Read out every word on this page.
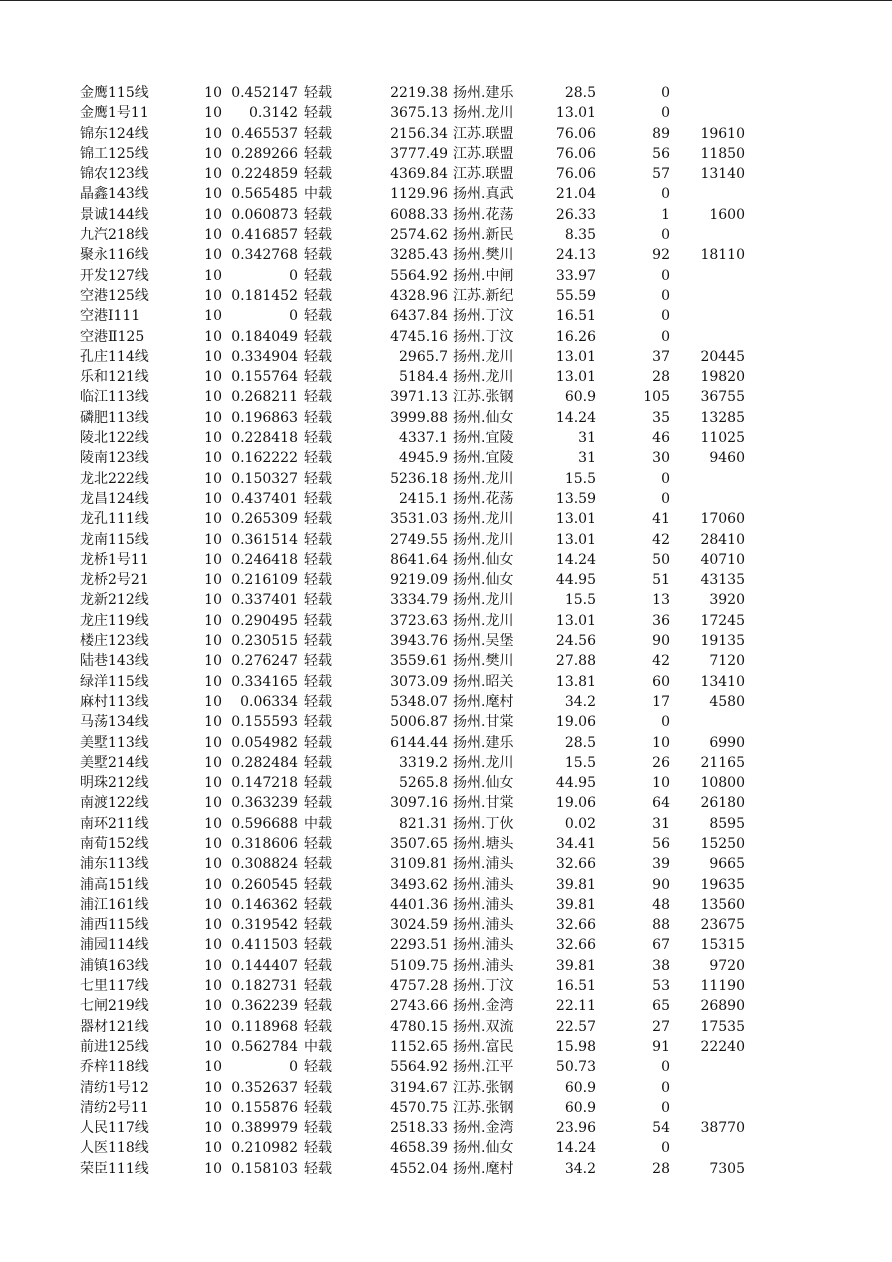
金鹰115线	10 0.452147 轻载	2219.38 扬州.建乐	28.5	0
金鹰1号11	10	0.3142 轻载	3675.13 扬州.龙川	13.01	0
锦东124线	10 0.465537 轻载	2156.34 江苏.联盟	76.06	89	19610
锦工125线	10 0.289266 轻载	3777.49 江苏.联盟	76.06	56	11850
锦农123线	10 0.224859 轻载	4369.84 江苏.联盟	76.06	57	13140
晶鑫143线	10 0.565485 中载	1129.96 扬州.真武	21.04	0
景诚144线	10 0.060873 轻载	6088.33 扬州.花荡	26.33	1	1600
九汽218线	10 0.416857 轻载	2574.62 扬州.新民	8.35	0
聚永116线	10 0.342768 轻载	3285.43 扬州.樊川	24.13	92	18110
开发127线	10	0 轻载	5564.92 扬州.中闸	33.97	0
空港125线	10 0.181452 轻载	4328.96 江苏.新纪	55.59	0
空港Ⅰ111	10	0 轻载	6437.84 扬州.丁汶	16.51	0
空港Ⅱ125	10 0.184049 轻载	4745.16 扬州.丁汶	16.26	0
孔庄114线	10 0.334904 轻载	2965.7 扬州.龙川	13.01	37	20445
乐和121线	10 0.155764 轻载	5184.4 扬州.龙川	13.01	28	19820
临江113线	10 0.268211 轻载	3971.13 江苏.张钢	60.9	105	36755
磷肥113线	10 0.196863 轻载	3999.88 扬州.仙女	14.24	35	13285
陵北122线	10 0.228418 轻载	4337.1 扬州.宜陵	31	46	11025
陵南123线	10 0.162222 轻载	4945.9 扬州.宜陵	31	30	9460
龙北222线	10 0.150327 轻载	5236.18 扬州.龙川	15.5	0
龙昌124线	10 0.437401 轻载	2415.1 扬州.花荡	13.59	0
龙孔111线	10 0.265309 轻载	3531.03 扬州.龙川	13.01	41	17060
龙南115线	10 0.361514 轻载	2749.55 扬州.龙川	13.01	42	28410
龙桥1号11	10 0.246418 轻载	8641.64 扬州.仙女	14.24	50	40710
龙桥2号21	10 0.216109 轻载	9219.09 扬州.仙女	44.95	51	43135
龙新212线	10 0.337401 轻载	3334.79 扬州.龙川	15.5	13	3920
龙庄119线	10 0.290495 轻载	3723.63 扬州.龙川	13.01	36	17245
楼庄123线	10 0.230515 轻载	3943.76 扬州.吴堡	24.56	90	19135
陆巷143线	10 0.276247 轻载	3559.61 扬州.樊川	27.88	42	7120
绿洋115线	10 0.334165 轻载	3073.09 扬州.昭关	13.81	60	13410
麻村113线	10	0.06334 轻载	5348.07 扬州.麾村	34.2	17	4580
马荡134线	10 0.155593 轻载	5006.87 扬州.甘棠	19.06	0
美墅113线	10 0.054982 轻载	6144.44 扬州.建乐	28.5	10	6990
美墅214线	10 0.282484 轻载	3319.2 扬州.龙川	15.5	26	21165
明珠212线	10 0.147218 轻载	5265.8 扬州.仙女	44.95	10	10800
南渡122线	10 0.363239 轻载	3097.16 扬州.甘棠	19.06	64	26180
南环211线	10 0.596688 中载	821.31 扬州.丁伙	0.02	31	8595
南荀152线	10 0.318606 轻载	3507.65 扬州.塘头	34.41	56	15250
浦东113线	10 0.308824 轻载	3109.81 扬州.浦头	32.66	39	9665
浦高151线	10 0.260545 轻载	3493.62 扬州.浦头	39.81	90	19635
浦江161线	10 0.146362 轻载	4401.36 扬州.浦头	39.81	48	13560
浦西115线	10 0.319542 轻载	3024.59 扬州.浦头	32.66	88	23675
浦园114线	10 0.411503 轻载	2293.51 扬州.浦头	32.66	67	15315
浦镇163线	10 0.144407 轻载	5109.75 扬州.浦头	39.81	38	9720
七里117线	10 0.182731 轻载	4757.28 扬州.丁汶	16.51	53	11190
七闸219线	10 0.362239 轻载	2743.66 扬州.金湾	22.11	65	26890
器材121线	10 0.118968 轻载	4780.15 扬州.双流	22.57	27	17535
前进125线	10 0.562784 中载	1152.65 扬州.富民	15.98	91	22240
乔梓118线	10	0 轻载	5564.92 扬州.江平	50.73	0
清纺1号12	10 0.352637 轻载	3194.67 江苏.张钢	60.9	0
清纺2号11	10 0.155876 轻载	4570.75 江苏.张钢	60.9	0
人民117线	10 0.389979 轻载	2518.33 扬州.金湾	23.96	54	38770
人医118线	10 0.210982 轻载	4658.39 扬州.仙女	14.24	0
荣臣111线	10 0.158103 轻载	4552.04 扬州.麾村	34.2	28	7305
